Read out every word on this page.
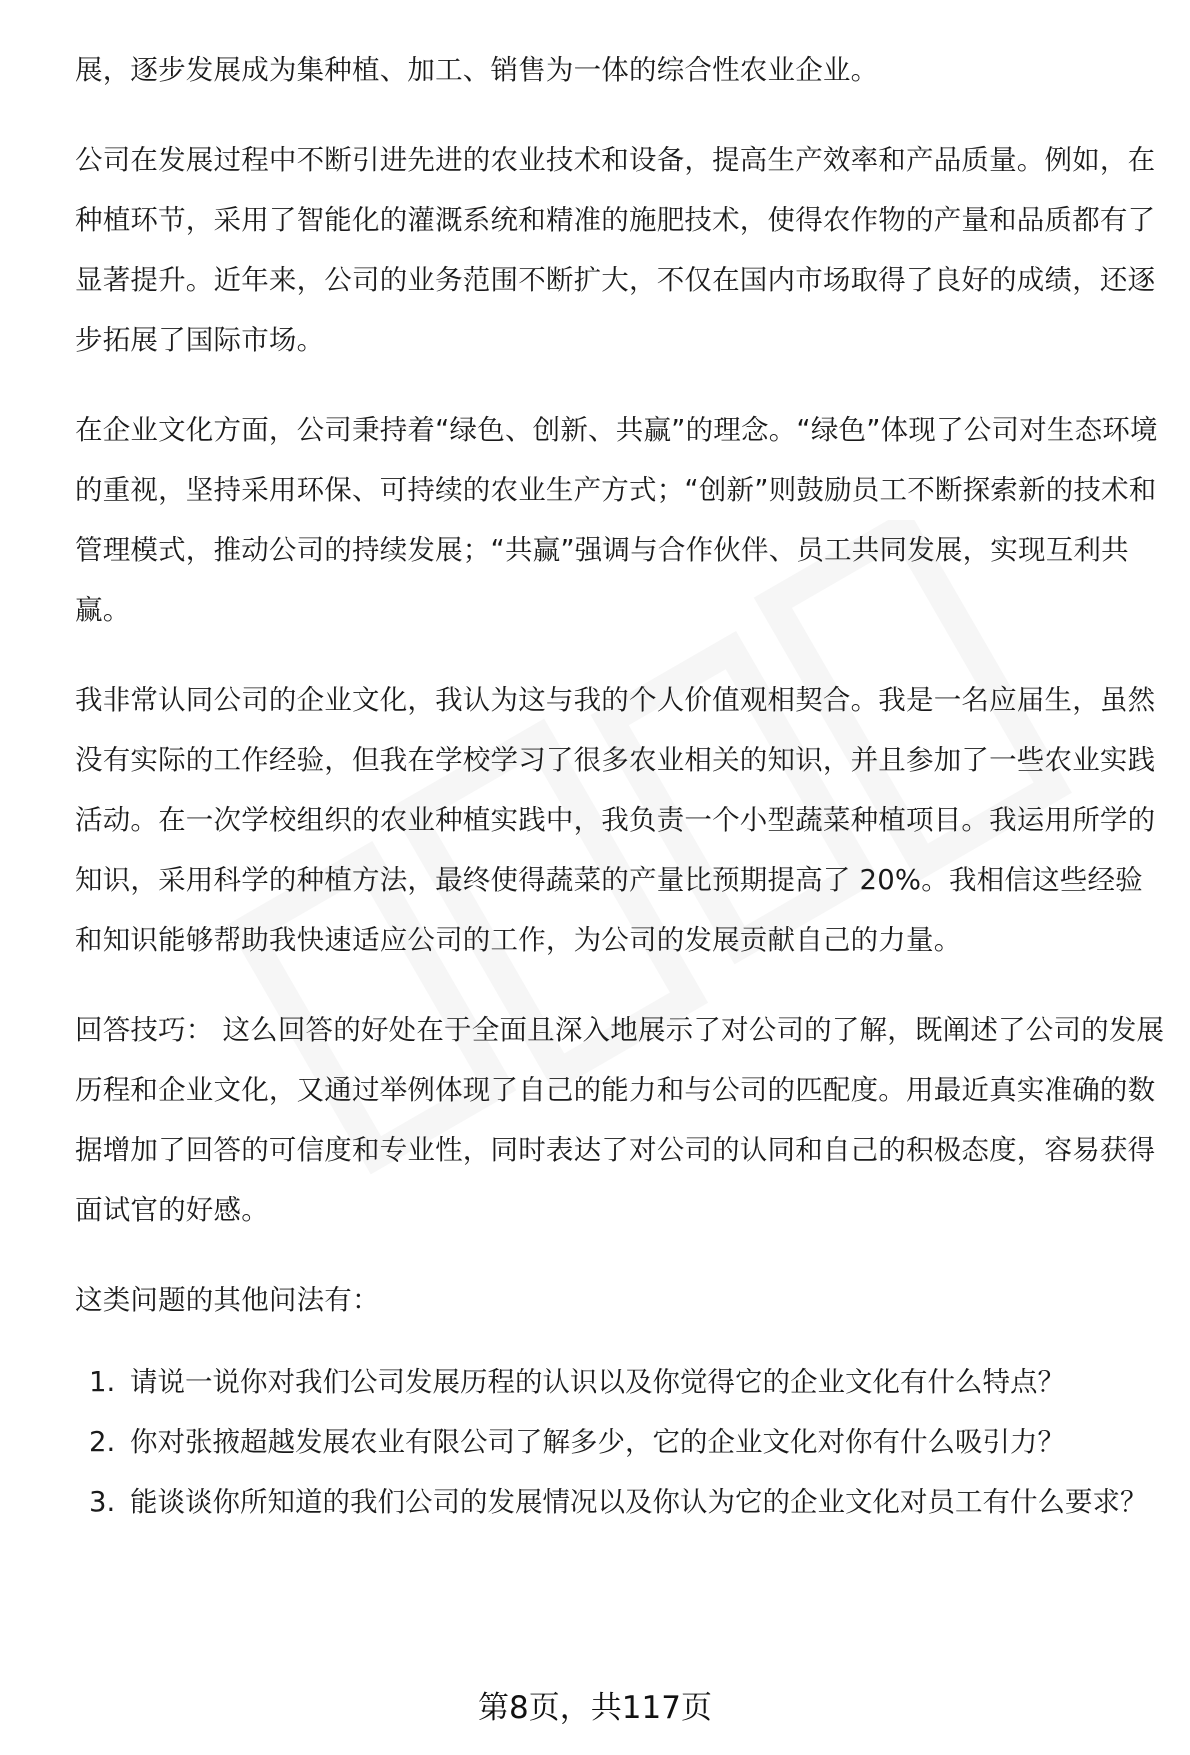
展，逐步发展成为集种植、加工、销售为一体的综合性农业企业。

公司在发展过程中不断引进先进的农业技术和设备，提高生产效率和产品质量。例如，在种植环节，采用了智能化的灌溉系统和精准的施肥技术，使得农作物的产量和品质都有了显著提升。近年来，公司的业务范围不断扩大，不仅在国内市场取得了良好的成绩，还逐步拓展了国际市场。

在企业文化方面，公司秉持着“绿色、创新、共赢”的理念。“绿色”体现了公司对生态环境的重视，坚持采用环保、可持续的农业生产方式；“创新”则鼓励员工不断探索新的技术和管理模式，推动公司的持续发展；“共赢”强调与合作伙伴、员工共同发展，实现互利共赢。

我非常认同公司的企业文化，我认为这与我的个人价值观相契合。我是一名应届生，虽然没有实际的工作经验，但我在学校学习了很多农业相关的知识，并且参加了一些农业实践活动。在一次学校组织的农业种植实践中，我负责一个小型蔬菜种植项目。我运用所学的知识，采用科学的种植方法，最终使得蔬菜的产量比预期提高了 20%。我相信这些经验和知识能够帮助我快速适应公司的工作，为公司的发展贡献自己的力量。

回答技巧： 这么回答的好处在于全面且深入地展示了对公司的了解，既阐述了公司的发展历程和企业文化，又通过举例体现了自己的能力和与公司的匹配度。用最近真实准确的数据增加了回答的可信度和专业性，同时表达了对公司的认同和自己的积极态度，容易获得面试官的好感。

这类问题的其他问法有：

1. 请说一说你对我们公司发展历程的认识以及你觉得它的企业文化有什么特点？
2. 你对张掖超越发展农业有限公司了解多少，它的企业文化对你有什么吸引力？
3. 能谈谈你所知道的我们公司的发展情况以及你认为它的企业文化对员工有什么要求？
第8页，共117页
